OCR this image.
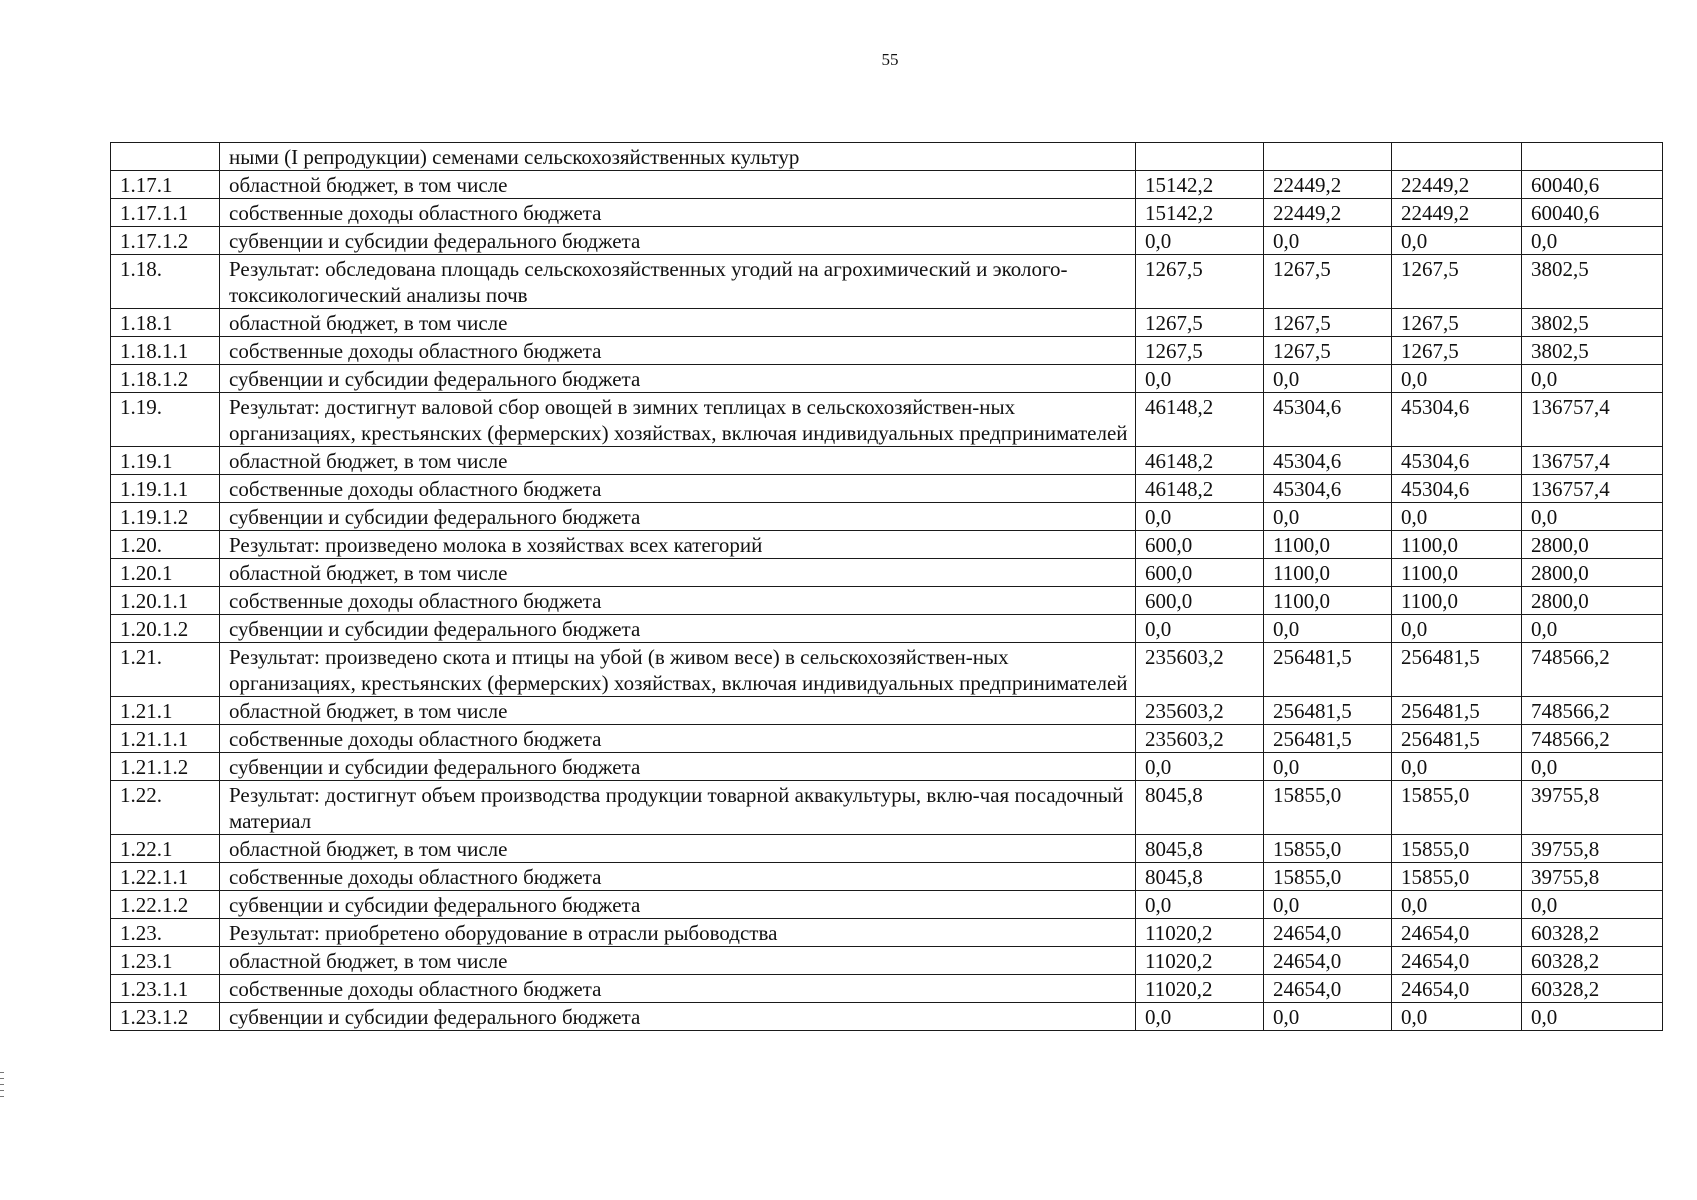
55
	ными (I репродукции) семенами сельскохозяйственных культур				
1.17.1	областной бюджет, в том числе	15142,2	22449,2	22449,2	60040,6
1.17.1.1	собственные доходы областного бюджета	15142,2	22449,2	22449,2	60040,6
1.17.1.2	субвенции и субсидии федерального бюджета	0,0	0,0	0,0	0,0
1.18.	Результат: обследована площадь сельскохозяйственных угодий на агрохимический и эколого-токсикологический анализы почв	1267,5	1267,5	1267,5	3802,5
1.18.1	областной бюджет, в том числе	1267,5	1267,5	1267,5	3802,5
1.18.1.1	собственные доходы областного бюджета	1267,5	1267,5	1267,5	3802,5
1.18.1.2	субвенции и субсидии федерального бюджета	0,0	0,0	0,0	0,0
1.19.	Результат: достигнут валовой сбор овощей в зимних теплицах в сельскохозяйствен-ных организациях, крестьянских (фермерских) хозяйствах, включая индивидуальных предпринимателей	46148,2	45304,6	45304,6	136757,4
1.19.1	областной бюджет, в том числе	46148,2	45304,6	45304,6	136757,4
1.19.1.1	собственные доходы областного бюджета	46148,2	45304,6	45304,6	136757,4
1.19.1.2	субвенции и субсидии федерального бюджета	0,0	0,0	0,0	0,0
1.20.	Результат: произведено молока в хозяйствах всех категорий	600,0	1100,0	1100,0	2800,0
1.20.1	областной бюджет, в том числе	600,0	1100,0	1100,0	2800,0
1.20.1.1	собственные доходы областного бюджета	600,0	1100,0	1100,0	2800,0
1.20.1.2	субвенции и субсидии федерального бюджета	0,0	0,0	0,0	0,0
1.21.	Результат: произведено скота и птицы на убой (в живом весе) в сельскохозяйствен-ных организациях, крестьянских (фермерских) хозяйствах, включая индивидуальных предпринимателей	235603,2	256481,5	256481,5	748566,2
1.21.1	областной бюджет, в том числе	235603,2	256481,5	256481,5	748566,2
1.21.1.1	собственные доходы областного бюджета	235603,2	256481,5	256481,5	748566,2
1.21.1.2	субвенции и субсидии федерального бюджета	0,0	0,0	0,0	0,0
1.22.	Результат: достигнут объем производства продукции товарной аквакультуры, вклю-чая посадочный материал	8045,8	15855,0	15855,0	39755,8
1.22.1	областной бюджет, в том числе	8045,8	15855,0	15855,0	39755,8
1.22.1.1	собственные доходы областного бюджета	8045,8	15855,0	15855,0	39755,8
1.22.1.2	субвенции и субсидии федерального бюджета	0,0	0,0	0,0	0,0
1.23.	Результат: приобретено оборудование в отрасли рыбоводства	11020,2	24654,0	24654,0	60328,2
1.23.1	областной бюджет, в том числе	11020,2	24654,0	24654,0	60328,2
1.23.1.1	собственные доходы областного бюджета	11020,2	24654,0	24654,0	60328,2
1.23.1.2	субвенции и субсидии федерального бюджета	0,0	0,0	0,0	0,0
